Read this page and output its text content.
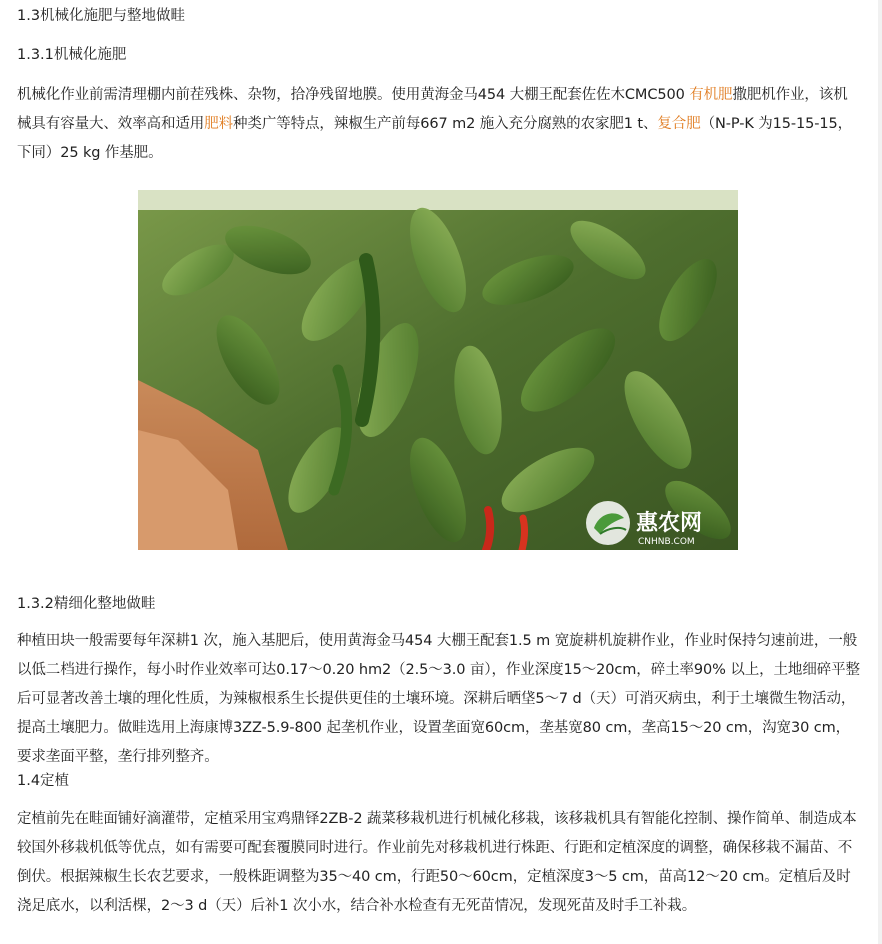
1.3机械化施肥与整地做畦
1.3.1机械化施肥

机械化作业前需清理棚内前茬残株、杂物，拾净残留地膜。使用黄海金马454 大棚王配套佐佐木CMC500 有机肥撒肥机作业，该机械具有容量大、效率高和适用肥料种类广等特点，辣椒生产前每667 m2 施入充分腐熟的农家肥1 t、复合肥（N-P-K 为15-15-15，下同）25 kg 作基肥。

惠农网
CNHNB.COM
1.3.2精细化整地做畦

种植田块一般需要每年深耕1 次，施入基肥后，使用黄海金马454 大棚王配套1.5 m 宽旋耕机旋耕作业，作业时保持匀速前进，一般以低二档进行操作，每小时作业效率可达0.17～0.20 hm2（2.5～3.0 亩），作业深度15～20cm，碎土率90% 以上，土地细碎平整后可显著改善土壤的理化性质，为辣椒根系生长提供更佳的土壤环境。深耕后晒垡5～7 d（天）可消灭病虫，利于土壤微生物活动，提高土壤肥力。做畦选用上海康博3ZZ-5.9-800 起垄机作业，设置垄面宽60cm，垄基宽80 cm，垄高15～20 cm，沟宽30 cm，要求垄面平整，垄行排列整齐。

1.4定植

定植前先在畦面铺好滴灌带，定植采用宝鸡鼎铎2ZB-2 蔬菜移栽机进行机械化移栽，该移栽机具有智能化控制、操作简单、制造成本较国外移栽机低等优点，如有需要可配套覆膜同时进行。作业前先对移栽机进行株距、行距和定植深度的调整，确保移栽不漏苗、不倒伏。根据辣椒生长农艺要求，一般株距调整为35～40 cm，行距50～60cm，定植深度3～5 cm，苗高12～20 cm。定植后及时浇足底水，以利活棵，2～3 d（天）后补1 次小水，结合补水检查有无死苗情况，发现死苗及时手工补栽。
